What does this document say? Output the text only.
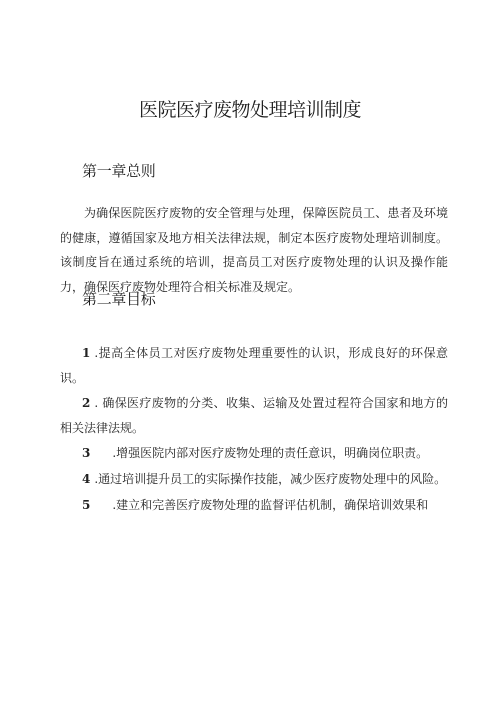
医院医疗废物处理培训制度
第一章总则
为确保医院医疗废物的安全管理与处理，保障医院员工、患者及环境的健康，遵循国家及地方相关法律法规，制定本医疗废物处理培训制度。该制度旨在通过系统的培训，提高员工对医疗废物处理的认识及操作能力，确保医疗废物处理符合相关标准及规定。
第二章目标
1 .提高全体员工对医疗废物处理重要性的认识，形成良好的环保意识。
2 . 确保医疗废物的分类、收集、运输及处置过程符合国家和地方的相关法律法规。
3 .增强医院内部对医疗废物处理的责任意识，明确岗位职责。
4 .通过培训提升员工的实际操作技能，减少医疗废物处理中的风险。
5 .建立和完善医疗废物处理的监督评估机制，确保培训效果和
